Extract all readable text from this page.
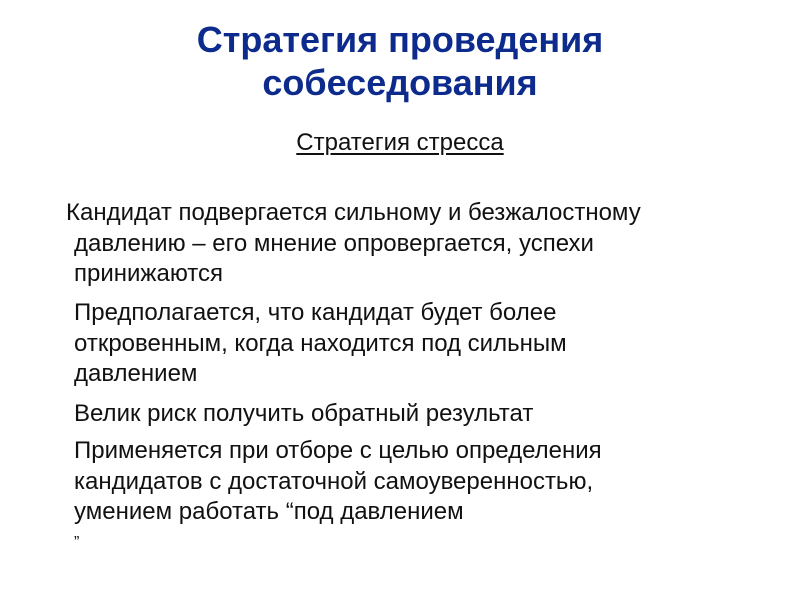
Стратегия проведения
собеседования

Стратегия стресса

Кандидат подвергается сильному и безжалостному
давлению – его мнение опровергается, успехи
принижаются
Предполагается, что кандидат будет более
откровенным, когда находится под сильным
давлением
Велик риск получить обратный результат
Применяется при отборе с целью определения
кандидатов с достаточной самоуверенностью,
умением работать “под давлением
”
